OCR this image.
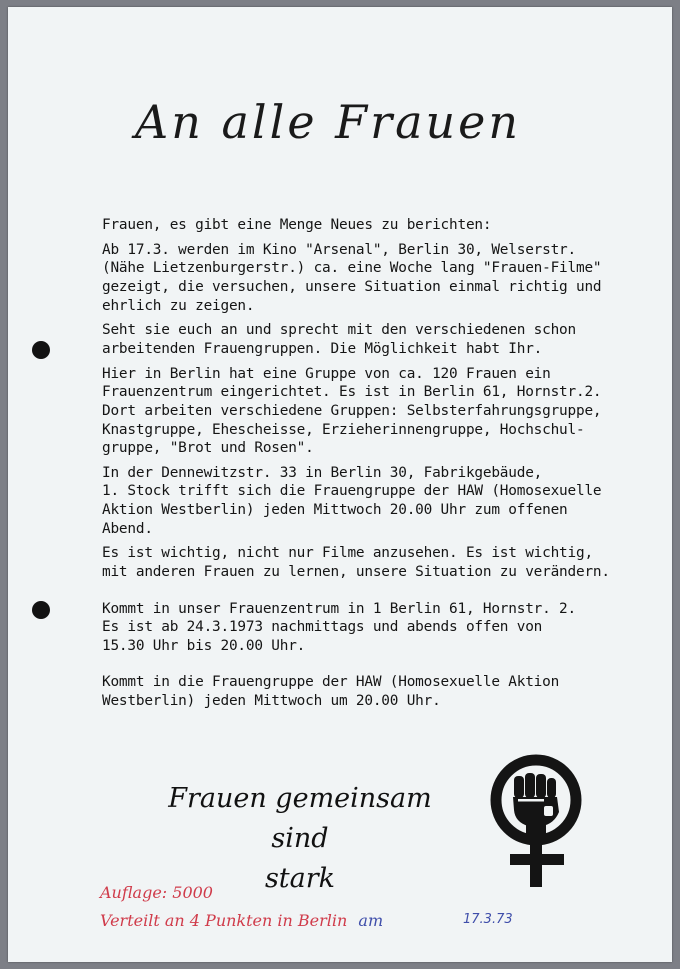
An alle Frauen

Frauen, es gibt eine Menge Neues zu berichten:

Ab 17.3. werden im Kino "Arsenal", Berlin 30, Welserstr.
(Nähe Lietzenburgerstr.) ca. eine Woche lang "Frauen-Filme"
gezeigt, die versuchen, unsere Situation einmal richtig und
ehrlich zu zeigen.

Seht sie euch an und sprecht mit den verschiedenen schon
arbeitenden Frauengruppen. Die Möglichkeit habt Ihr.

Hier in Berlin hat eine Gruppe von ca. 120 Frauen ein
Frauenzentrum eingerichtet. Es ist in Berlin 61, Hornstr.2.
Dort arbeiten verschiedene Gruppen: Selbsterfahrungsgruppe,
Knastgruppe, Ehescheisse, Erzieherinnengruppe, Hochschul-
gruppe, "Brot und Rosen".

In der Dennewitzstr. 33 in Berlin 30, Fabrikgebäude,
1. Stock trifft sich die Frauengruppe der HAW (Homosexuelle
Aktion Westberlin) jeden Mittwoch 20.00 Uhr zum offenen
Abend.

Es ist wichtig, nicht nur Filme anzusehen. Es ist wichtig,
mit anderen Frauen zu lernen, unsere Situation zu verändern.

Kommt in unser Frauenzentrum in 1 Berlin 61, Hornstr. 2.
Es ist ab 24.3.1973 nachmittags und abends offen von
15.30 Uhr bis 20.00 Uhr.

Kommt in die Frauengruppe der HAW (Homosexuelle Aktion
Westberlin) jeden Mittwoch um 20.00 Uhr.

Frauen gemeinsam sind
stark
Auflage: 5000
Verteilt an 4 Punkten in Berlin am	17.3.73
